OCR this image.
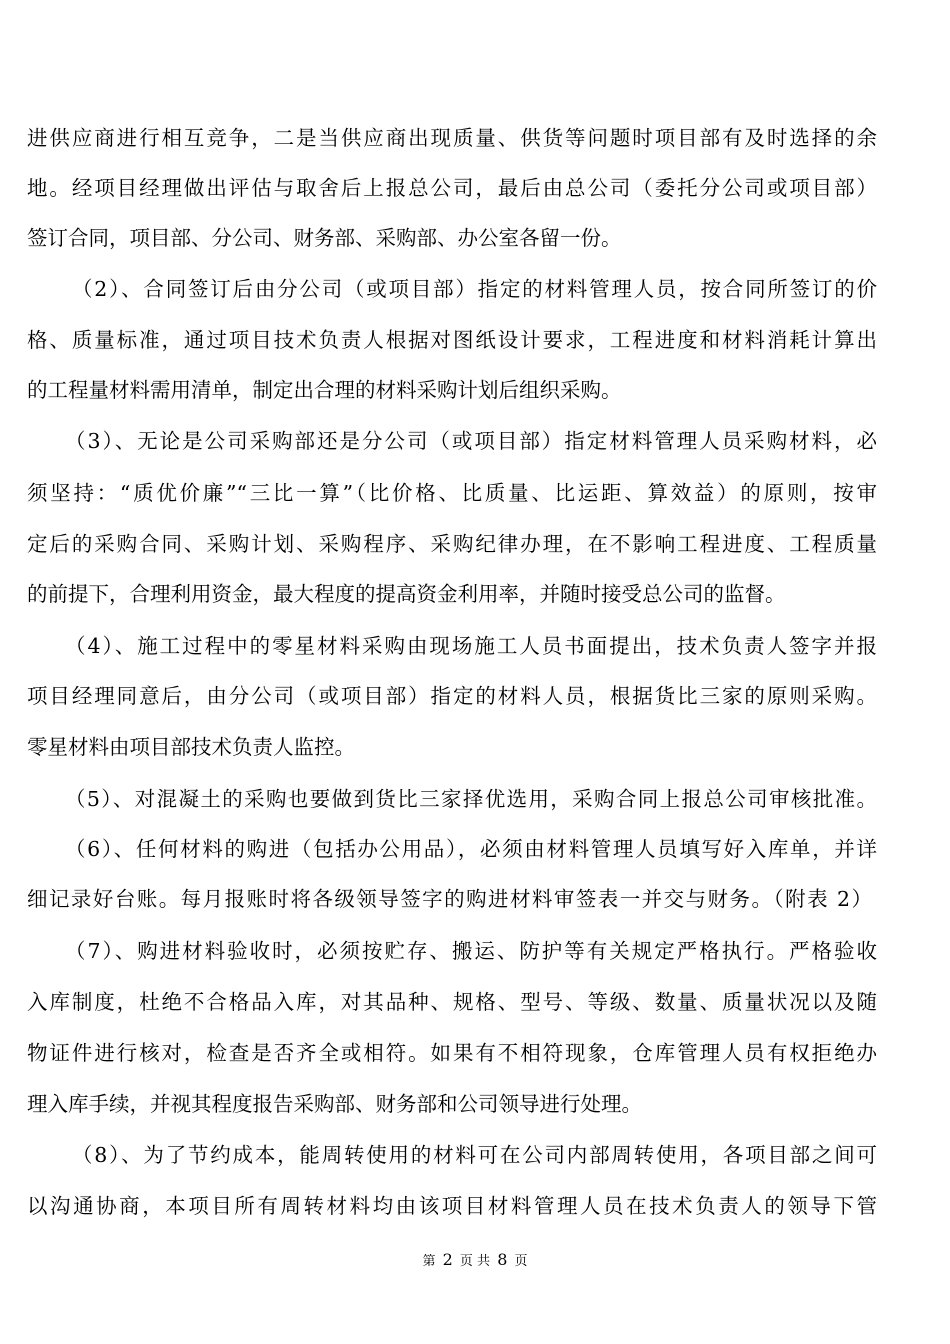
进供应商进行相互竞争，二是当供应商出现质量、供货等问题时项目部有及时选择的余
地。经项目经理做出评估与取舍后上报总公司，最后由总公司（委托分公司或项目部）
签订合同，项目部、分公司、财务部、采购部、办公室各留一份。
（2）、合同签订后由分公司（或项目部）指定的材料管理人员，按合同所签订的价
格、质量标准，通过项目技术负责人根据对图纸设计要求，工程进度和材料消耗计算出
的工程量材料需用清单，制定出合理的材料采购计划后组织采购。
（3）、无论是公司采购部还是分公司（或项目部）指定材料管理人员采购材料，必
须坚持：“质优价廉”“三比一算”（比价格、比质量、比运距、算效益）的原则，按审
定后的采购合同、采购计划、采购程序、采购纪律办理，在不影响工程进度、工程质量
的前提下，合理利用资金，最大程度的提高资金利用率，并随时接受总公司的监督。
（4）、施工过程中的零星材料采购由现场施工人员书面提出，技术负责人签字并报
项目经理同意后，由分公司（或项目部）指定的材料人员，根据货比三家的原则采购。
零星材料由项目部技术负责人监控。
（5）、对混凝土的采购也要做到货比三家择优选用，采购合同上报总公司审核批准。
（6）、任何材料的购进（包括办公用品），必须由材料管理人员填写好入库单，并详
细记录好台账。每月报账时将各级领导签字的购进材料审签表一并交与财务。（附表 2）
（7）、购进材料验收时，必须按贮存、搬运、防护等有关规定严格执行。严格验收
入库制度，杜绝不合格品入库，对其品种、规格、型号、等级、数量、质量状况以及随
物证件进行核对，检查是否齐全或相符。如果有不相符现象，仓库管理人员有权拒绝办
理入库手续，并视其程度报告采购部、财务部和公司领导进行处理。
（8）、为了节约成本，能周转使用的材料可在公司内部周转使用，各项目部之间可
以沟通协商，本项目所有周转材料均由该项目材料管理人员在技术负责人的领导下管
第 2 页 共 8 页
